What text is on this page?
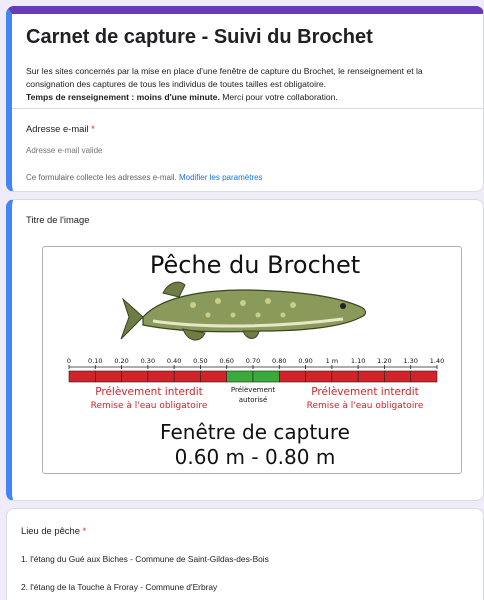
Carnet de capture - Suivi du Brochet
Sur les sites concernés par la mise en place d'une fenêtre de capture du Brochet, le renseignement et la
consignation des captures de tous les individus de toutes tailles est obligatoire.
Temps de renseignement : moins d'une minute. Merci pour votre collaboration.
Adresse e-mail *
Adresse e-mail valide
Ce formulaire collecte les adresses e-mail. Modifier les paramètres
Titre de l'image
Pêche du Brochet
0	0.10 0.20 0.30 0.40 0.50 0.60 0.70 0.80 0.90 1 m 1.10 1.20 1.30 1.40
Prélèvement interdit
Remise à l'eau obligatoire
Prélèvement
autorisé
Prélèvement interdit
Remise à l'eau obligatoire
Fenêtre de capture
0.60 m - 0.80 m
Lieu de pêche *
1. l'étang du Gué aux Biches - Commune de Saint-Gildas-des-Bois
2. l'étang de la Touche à Froray - Commune d'Erbray
